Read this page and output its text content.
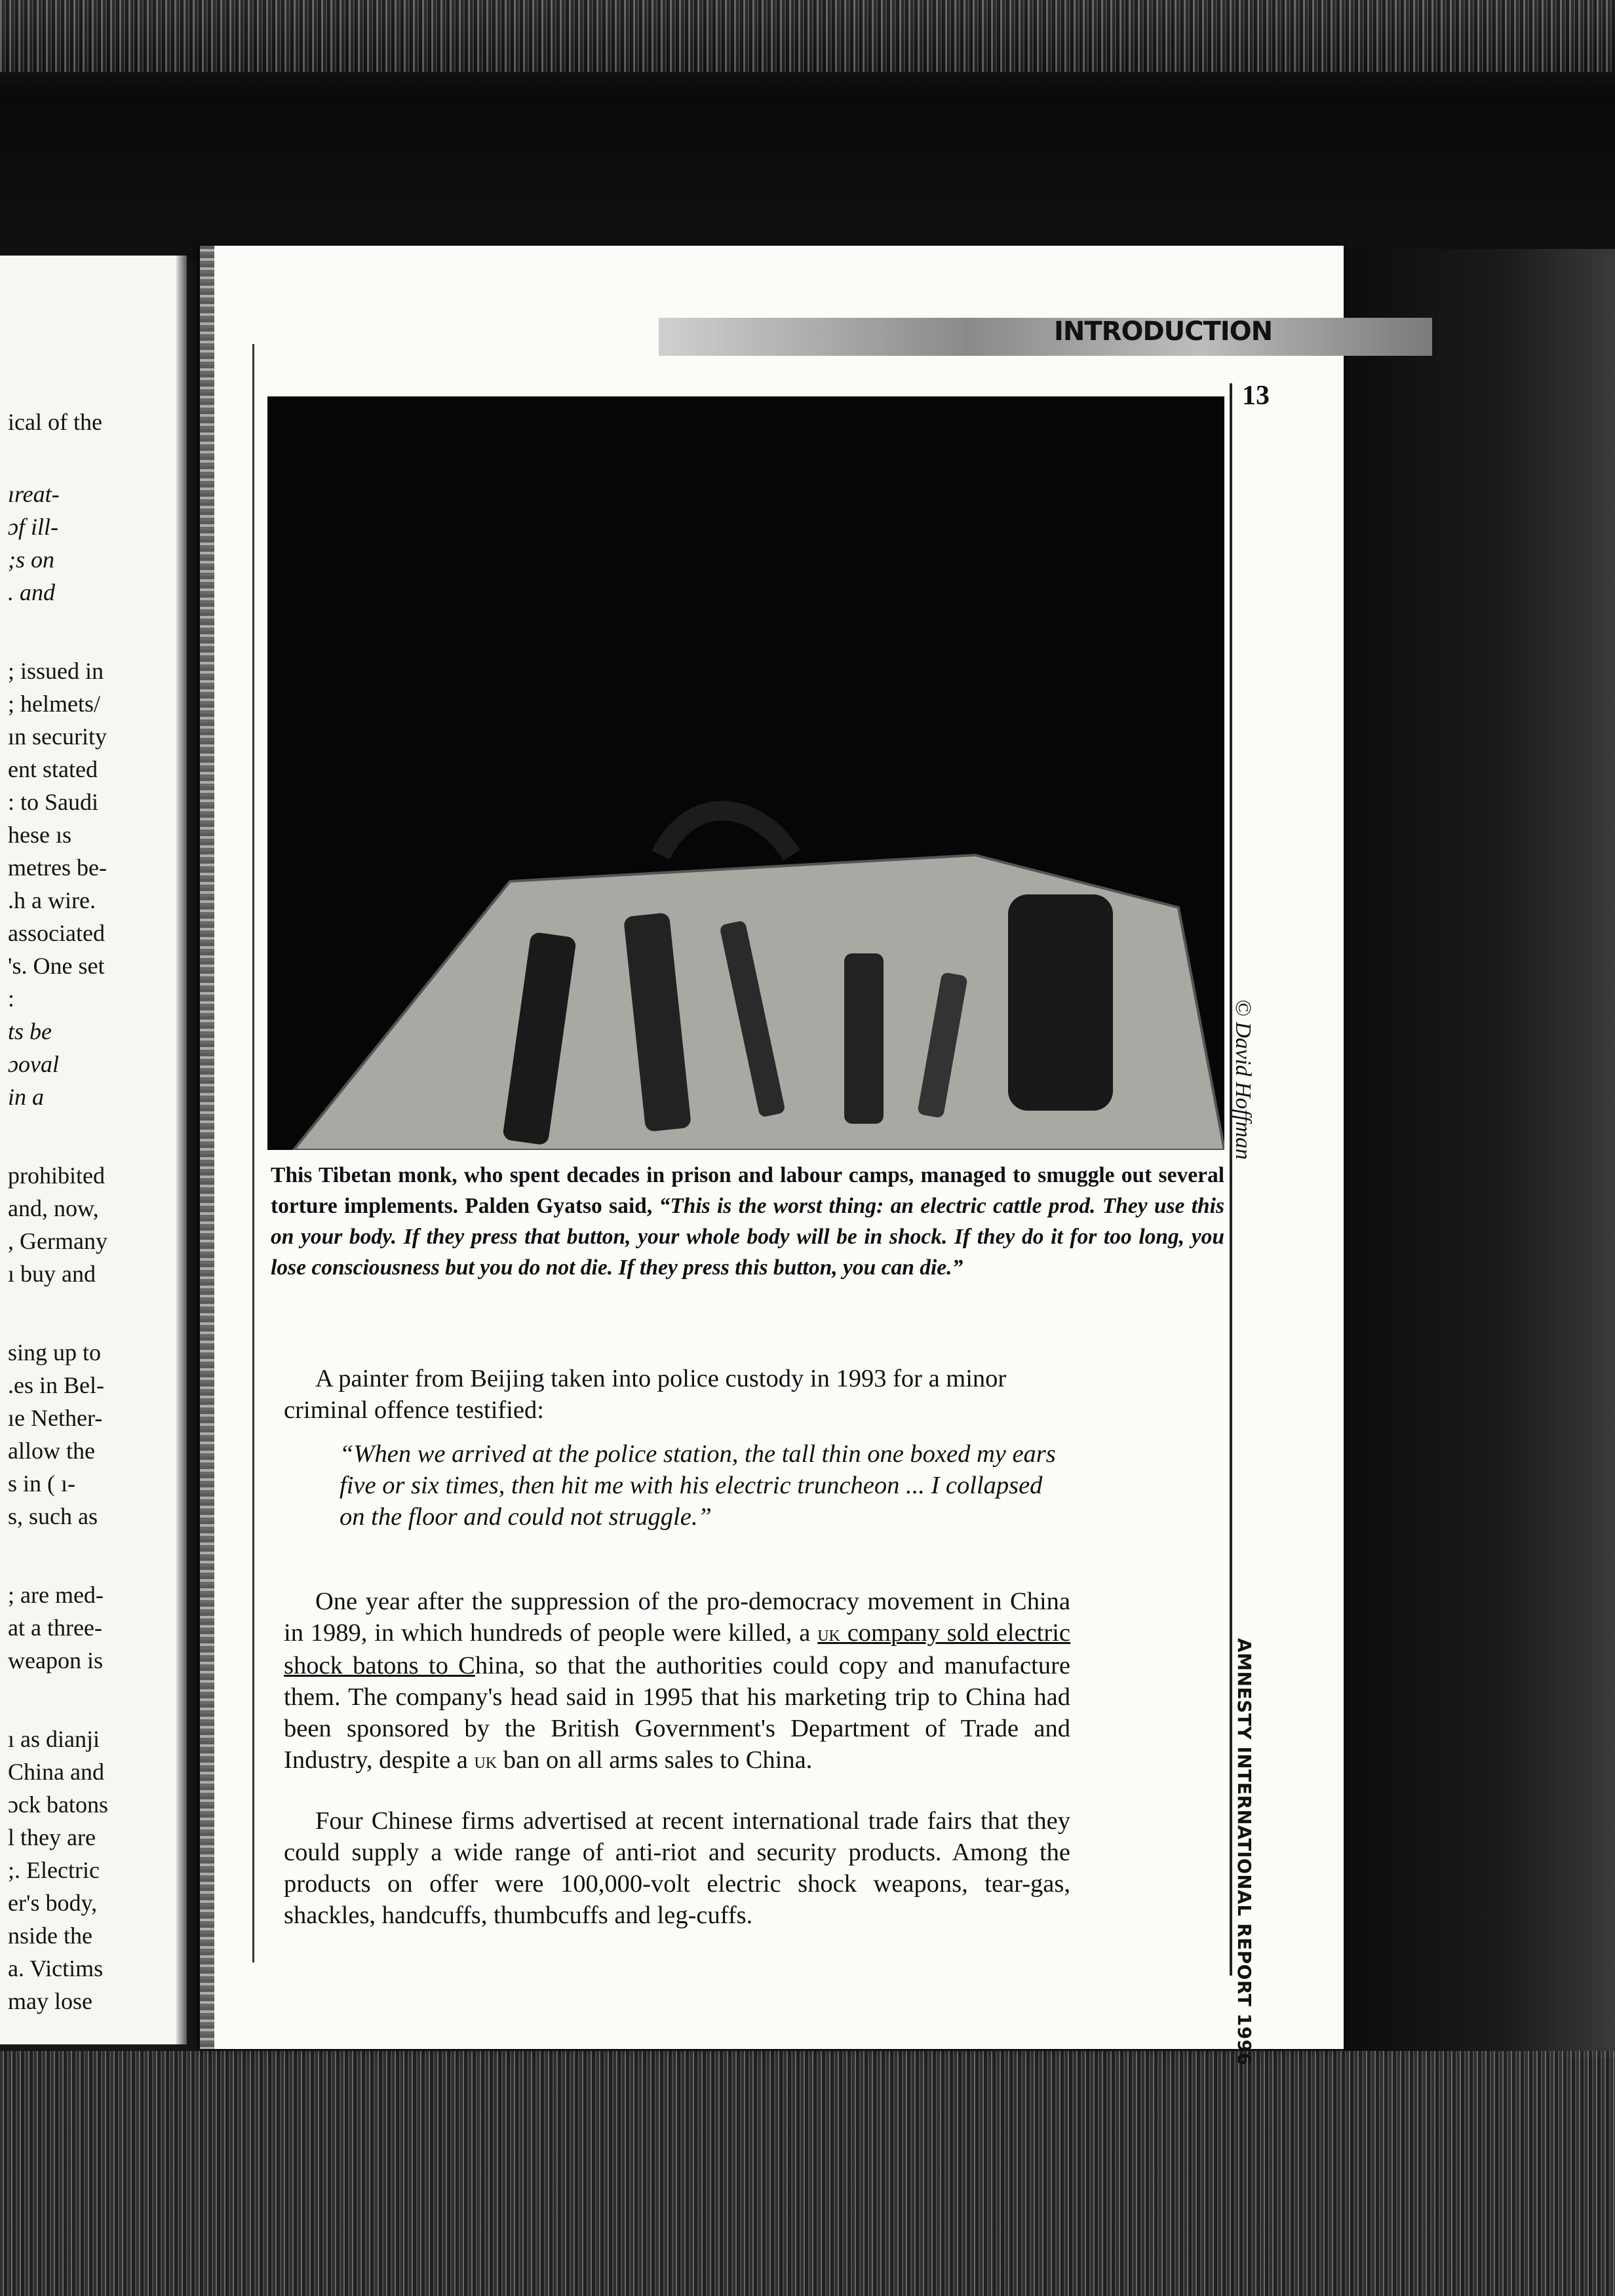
ical of the
ıreat-
ɔf ill-
;s on
. and
; issued in
; helmets/
ın security
ent stated
: to Saudi
hese ıs
metres be-
.h a wire.
associated
's. One set
:
ts be
ɔoval
in a
prohibited
and, now,
, Germany
ı buy and
sing up to
.es in Bel-
ıe Nether-
allow the
s in ( ı-
s, such as
; are med-
at a three-
weapon is
ı as dianji
China and
ɔck batons
l they are
;. Electric
er's body,
nside the
a. Victims
may lose
INTRODUCTION
13
© David Hoffman
This Tibetan monk, who spent decades in prison and labour camps, managed to smuggle out several torture implements. Palden Gyatso said, “This is the worst thing: an electric cattle prod. They use this on your body. If they press that button, your whole body will be in shock. If they do it for too long, you lose consciousness but you do not die. If they press this button, you can die.”
A painter from Beijing taken into police custody in 1993 for a minor criminal offence testified:
“When we arrived at the police station, the tall thin one boxed my ears five or six times, then hit me with his electric truncheon ... I collapsed on the floor and could not struggle.”
One year after the suppression of the pro-democracy movement in China in 1989, in which hundreds of people were killed, a uk company sold electric shock batons to China, so that the authorities could copy and manufacture them. The company's head said in 1995 that his marketing trip to China had been sponsored by the British Government's Department of Trade and Industry, despite a uk ban on all arms sales to China.
Four Chinese firms advertised at recent international trade fairs that they could supply a wide range of anti-riot and security products. Among the products on offer were 100,000-volt electric shock weapons, tear-gas, shackles, handcuffs, thumbcuffs and leg-cuffs.	AMNESTY INTERNATIONAL REPORT 1996
